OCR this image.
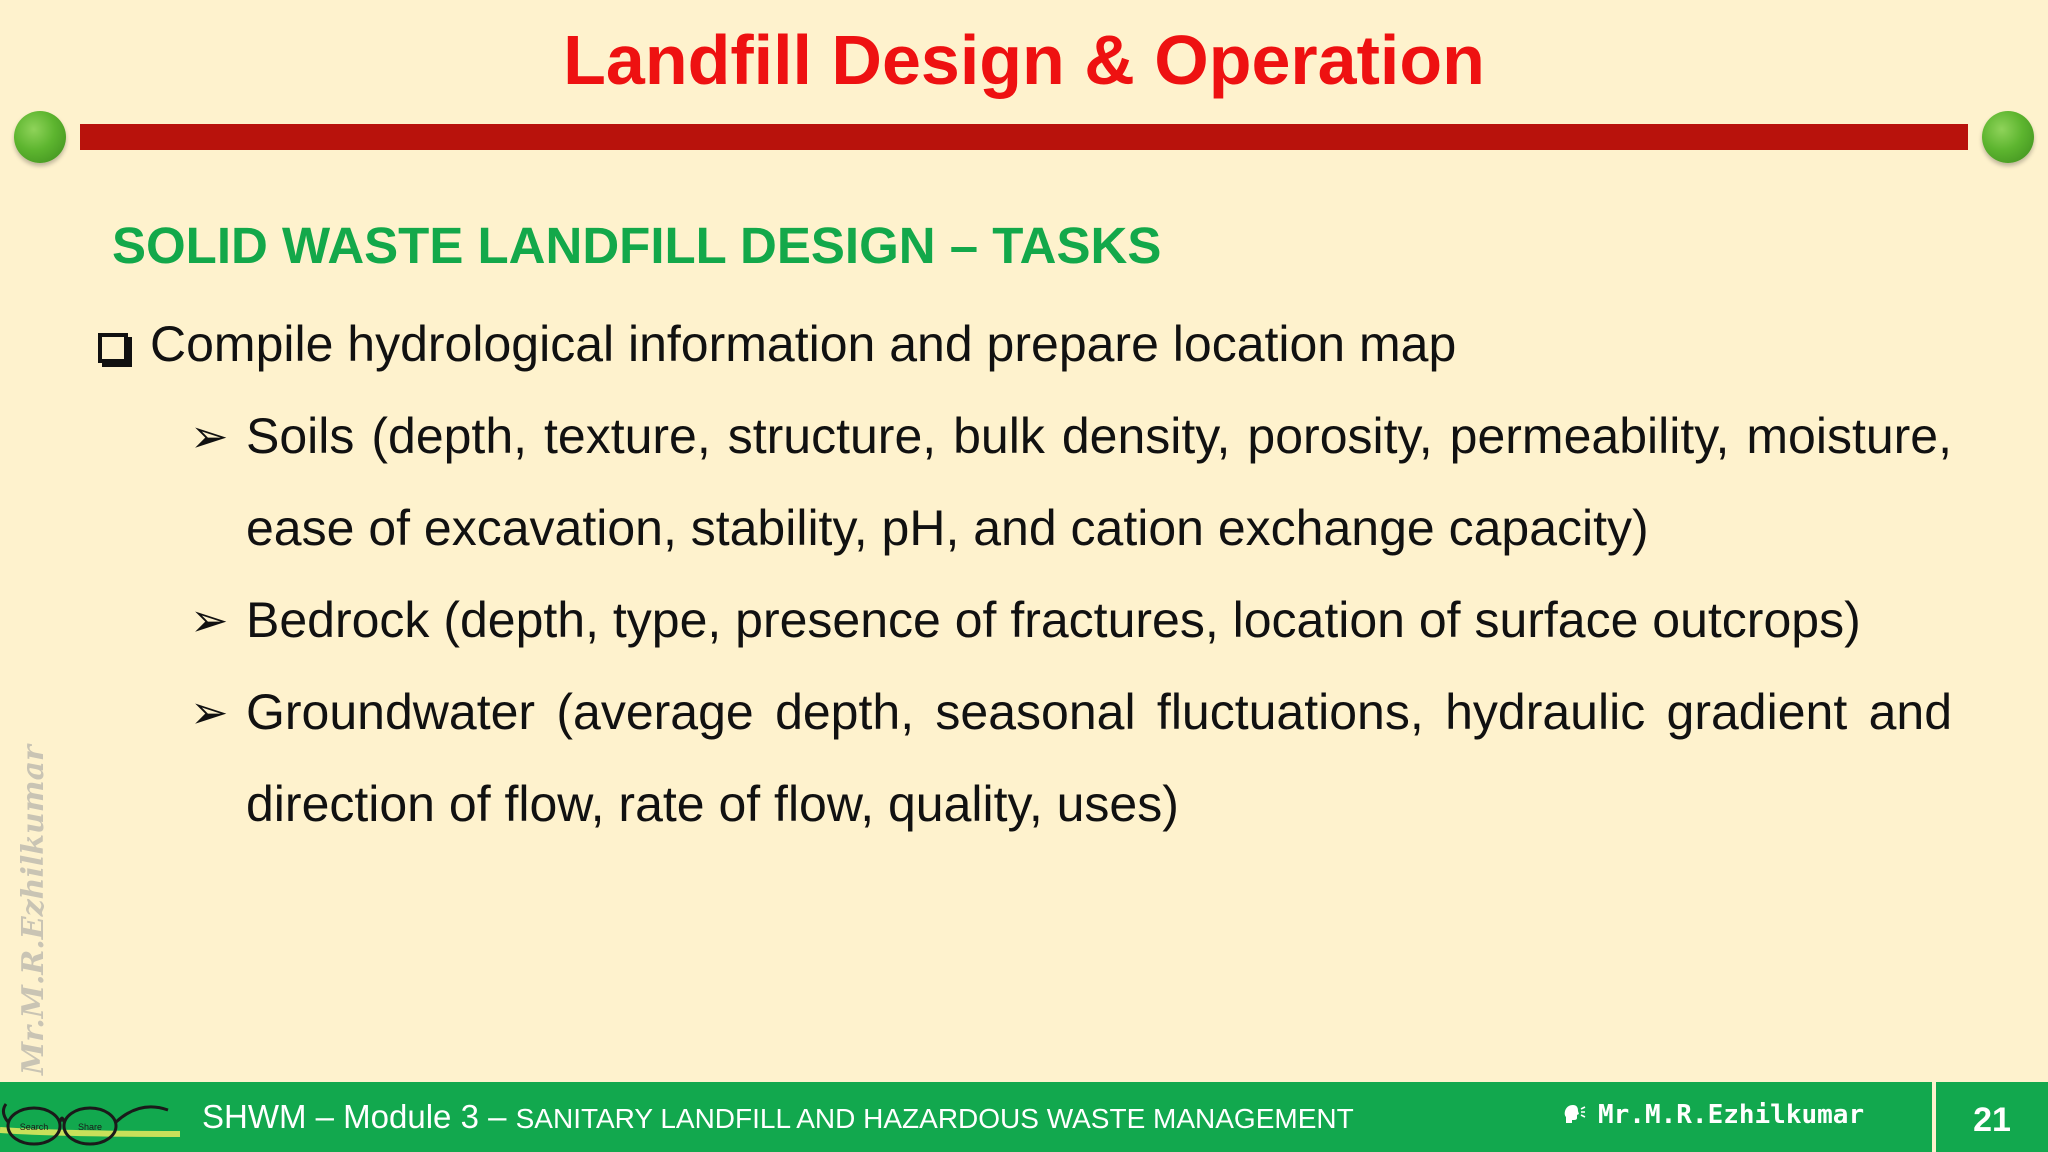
Landfill Design & Operation
SOLID WASTE LANDFILL DESIGN – TASKS
Compile hydrological information and prepare location map
➢ Soils (depth, texture, structure, bulk density, porosity, permeability, moisture, ease of excavation, stability, pH, and cation exchange capacity)
➢ Bedrock (depth, type, presence of fractures, location of surface outcrops)
➢ Groundwater (average depth, seasonal fluctuations, hydraulic gradient and direction of flow, rate of flow, quality, uses)
Mr.M.R.Ezhilkumar
Search	Share	SHWM – Module 3 – SANITARY LANDFILL AND HAZARDOUS WASTE MANAGEMENT	Mr.M.R.Ezhilkumar	21
